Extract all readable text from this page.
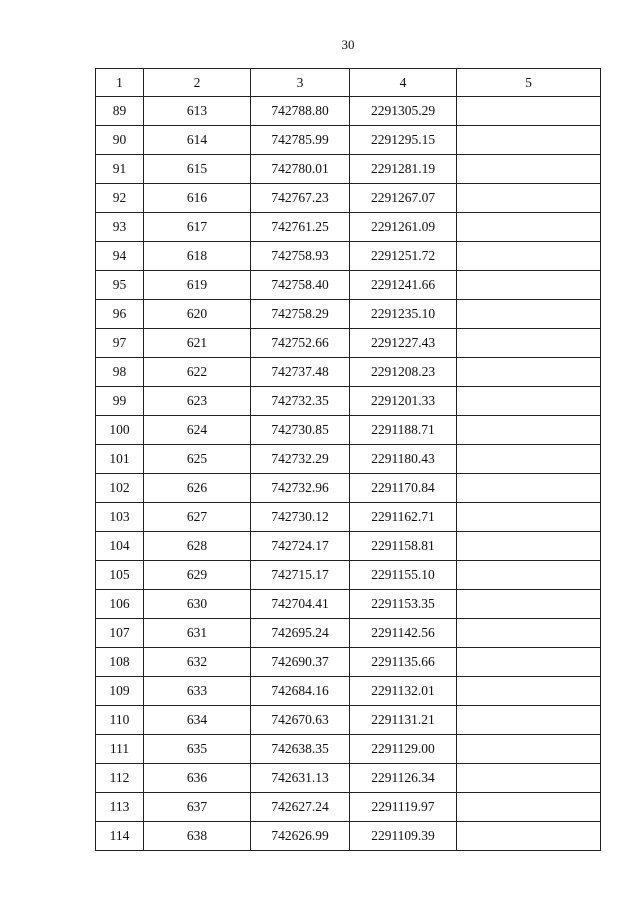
30
1	2	3	4	5
89	613	742788.80	2291305.29	
90	614	742785.99	2291295.15	
91	615	742780.01	2291281.19	
92	616	742767.23	2291267.07	
93	617	742761.25	2291261.09	
94	618	742758.93	2291251.72	
95	619	742758.40	2291241.66	
96	620	742758.29	2291235.10	
97	621	742752.66	2291227.43	
98	622	742737.48	2291208.23	
99	623	742732.35	2291201.33	
100	624	742730.85	2291188.71	
101	625	742732.29	2291180.43	
102	626	742732.96	2291170.84	
103	627	742730.12	2291162.71	
104	628	742724.17	2291158.81	
105	629	742715.17	2291155.10	
106	630	742704.41	2291153.35	
107	631	742695.24	2291142.56	
108	632	742690.37	2291135.66	
109	633	742684.16	2291132.01	
110	634	742670.63	2291131.21	
111	635	742638.35	2291129.00	
112	636	742631.13	2291126.34	
113	637	742627.24	2291119.97	
114	638	742626.99	2291109.39	
